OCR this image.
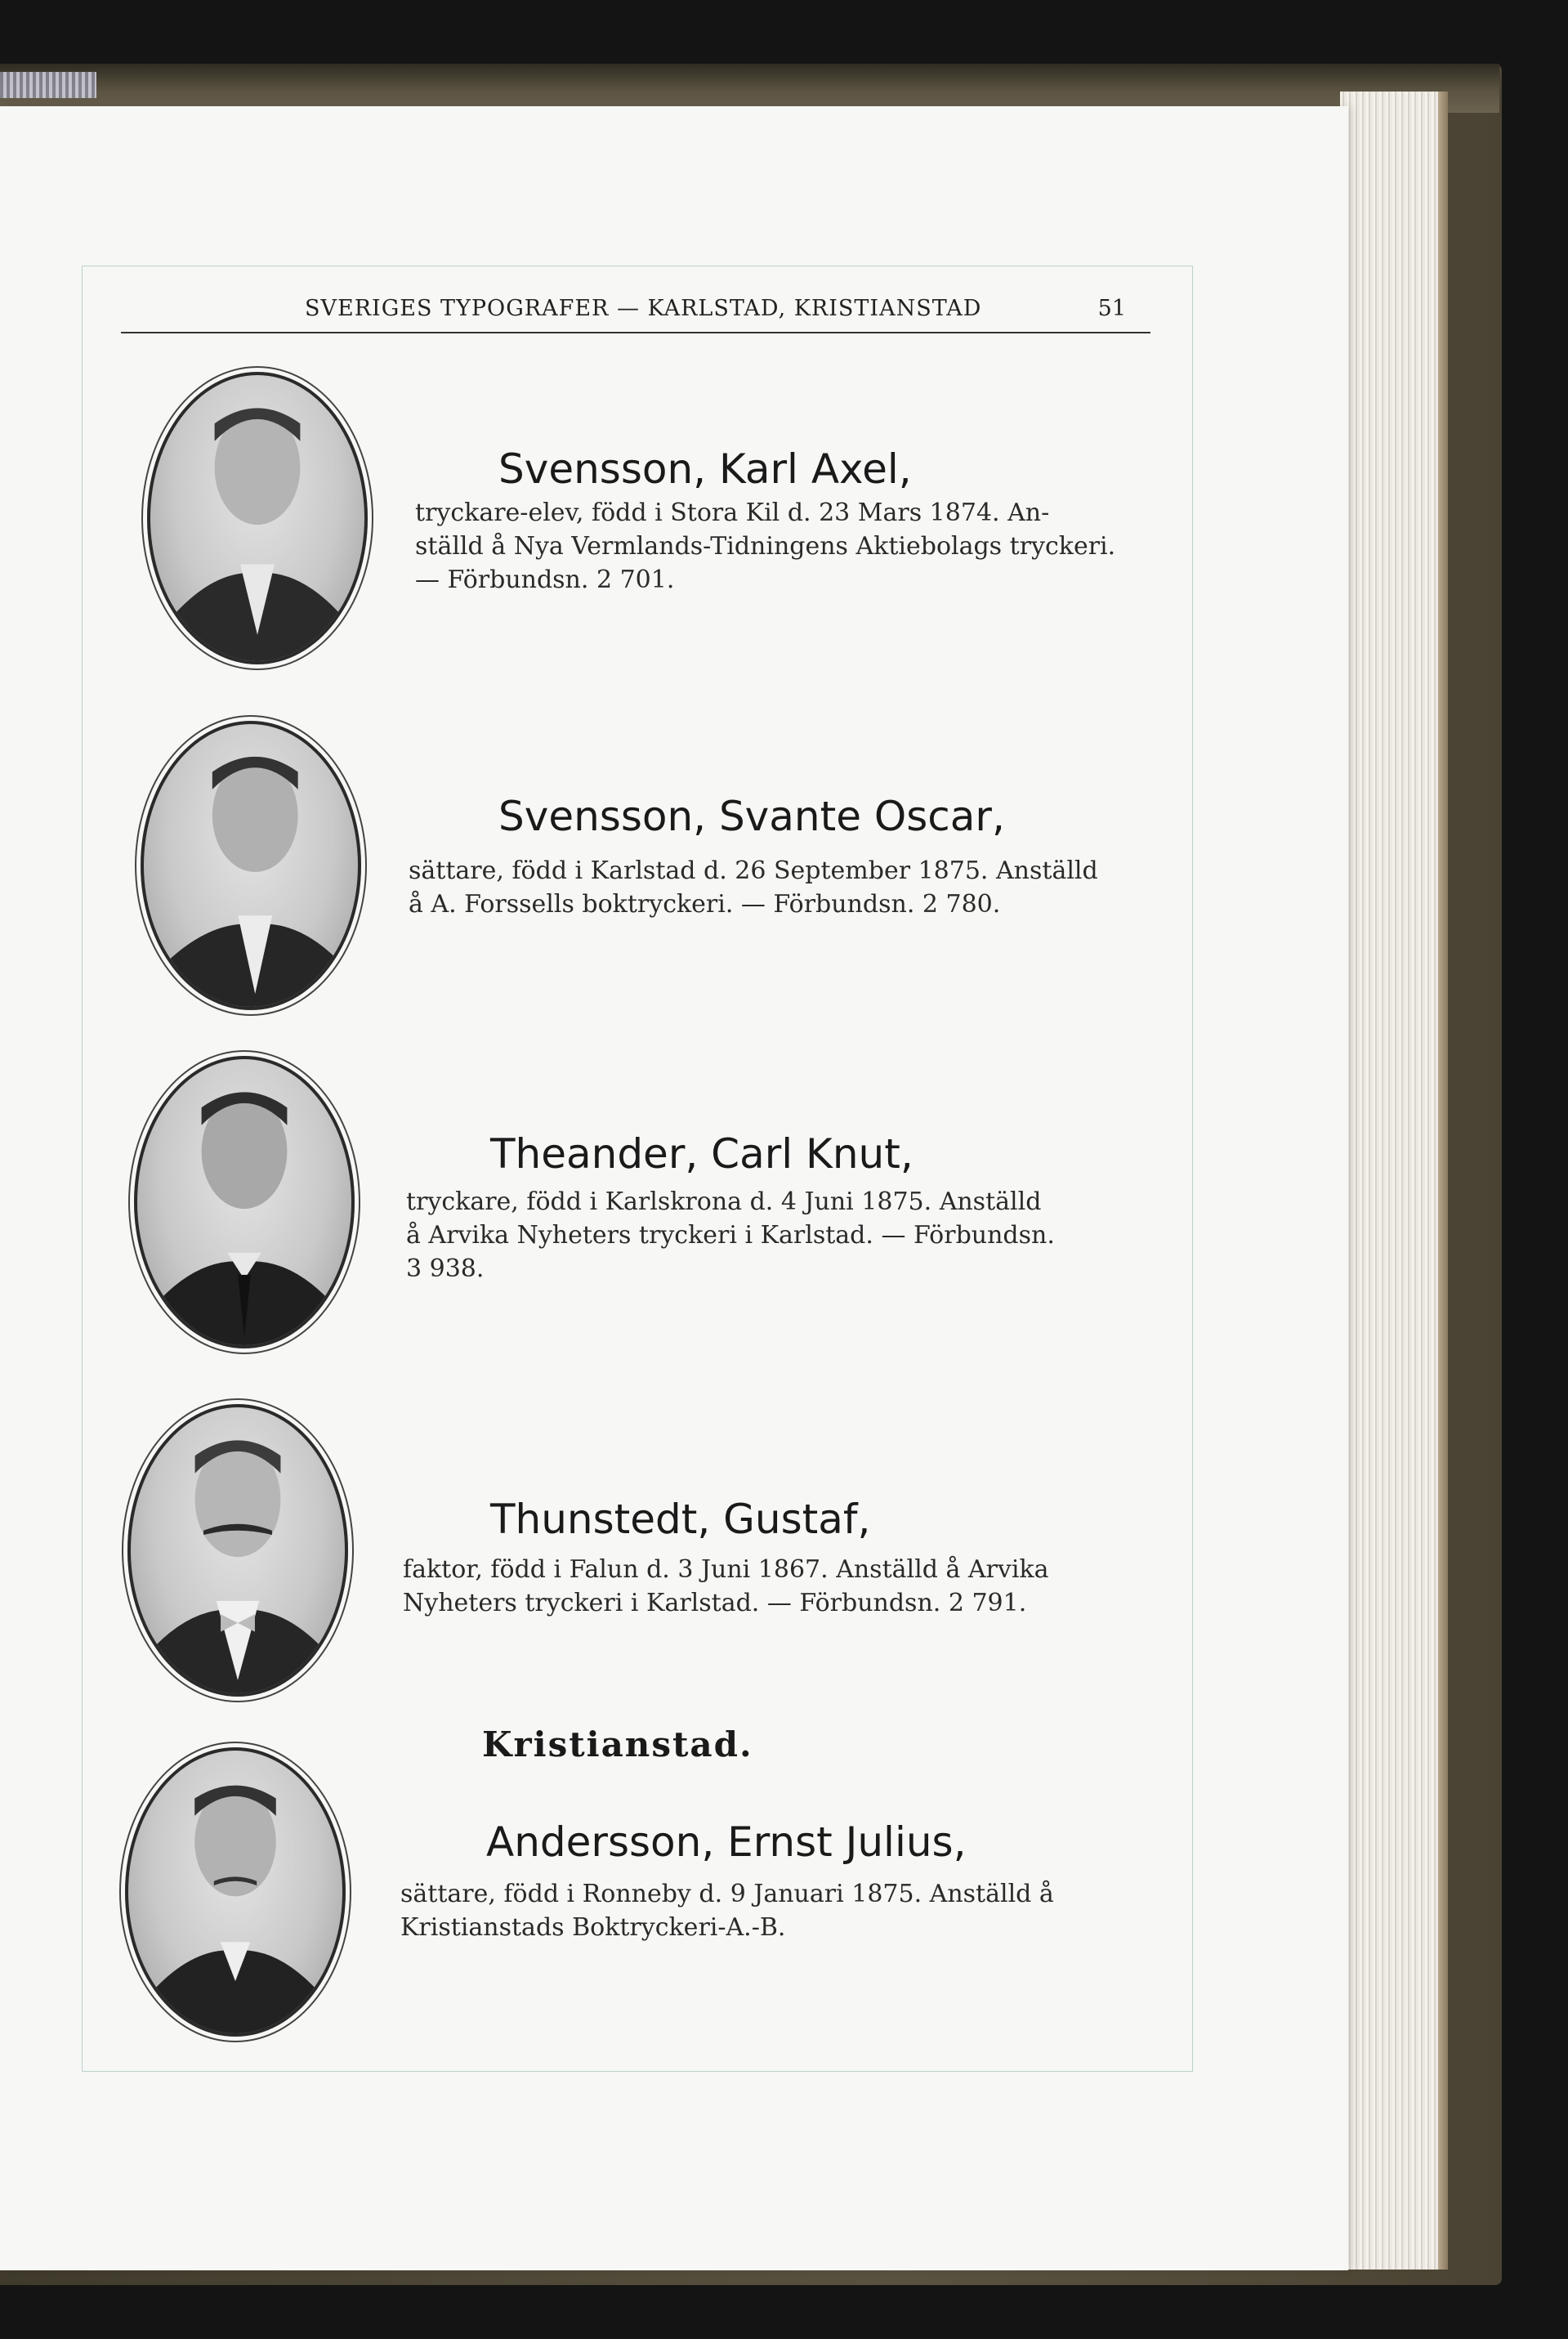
SVERIGES TYPOGRAFER — KARLSTAD, KRISTIANSTAD	51
Svensson, Karl Axel,
tryckare-elev, född i Stora Kil d. 23 Mars 1874. An-
ställd å Nya Vermlands-Tidningens Aktiebolags tryckeri.
— Förbundsn. 2 701.
Svensson, Svante Oscar,
sättare, född i Karlstad d. 26 September 1875. Anställd
å A. Forssells boktryckeri. — Förbundsn. 2 780.
Theander, Carl Knut,
tryckare, född i Karlskrona d. 4 Juni 1875. Anställd
å Arvika Nyheters tryckeri i Karlstad. — Förbundsn.
3 938.
Thunstedt, Gustaf,
faktor, född i Falun d. 3 Juni 1867. Anställd å Arvika
Nyheters tryckeri i Karlstad. — Förbundsn. 2 791.
Kristianstad.
Andersson, Ernst Julius,
sättare, född i Ronneby d. 9 Januari 1875. Anställd å
Kristianstads Boktryckeri-A.-B.
